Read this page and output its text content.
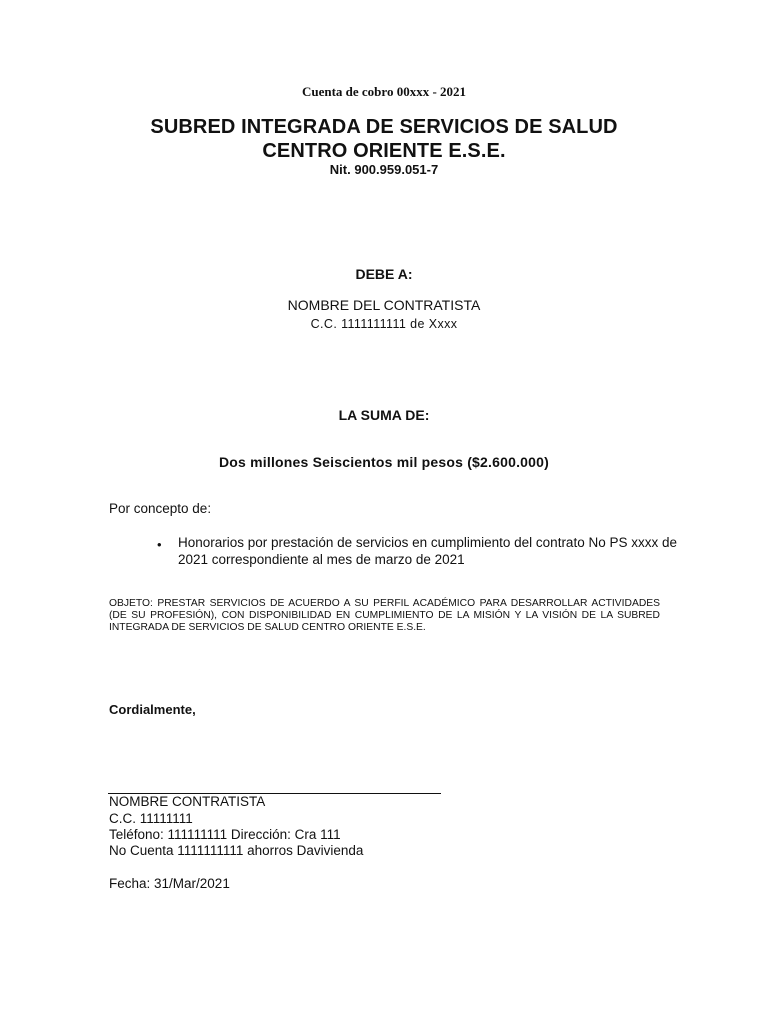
Cuenta de cobro 00xxx - 2021
SUBRED INTEGRADA DE SERVICIOS DE SALUD
CENTRO ORIENTE E.S.E.
Nit. 900.959.051-7
DEBE A:
NOMBRE DEL CONTRATISTA
C.C. 1111111111 de Xxxx
LA SUMA DE:
Dos millones Seiscientos mil pesos ($2.600.000)
Por concepto de:
• Honorarios por prestación de servicios en cumplimiento del contrato No PS xxxx de 2021 correspondiente al mes de marzo de 2021
OBJETO: PRESTAR SERVICIOS DE ACUERDO A SU PERFIL ACADÉMICO PARA DESARROLLAR ACTIVIDADES (DE SU PROFESIÓN), CON DISPONIBILIDAD EN CUMPLIMIENTO DE LA MISIÓN Y LA VISIÓN DE LA SUBRED INTEGRADA DE SERVICIOS DE SALUD CENTRO ORIENTE E.S.E.
Cordialmente,
NOMBRE CONTRATISTA
C.C. 11111111
Teléfono: 111111111 Dirección: Cra 111
No Cuenta 1111111111 ahorros Davivienda
Fecha: 31/Mar/2021
